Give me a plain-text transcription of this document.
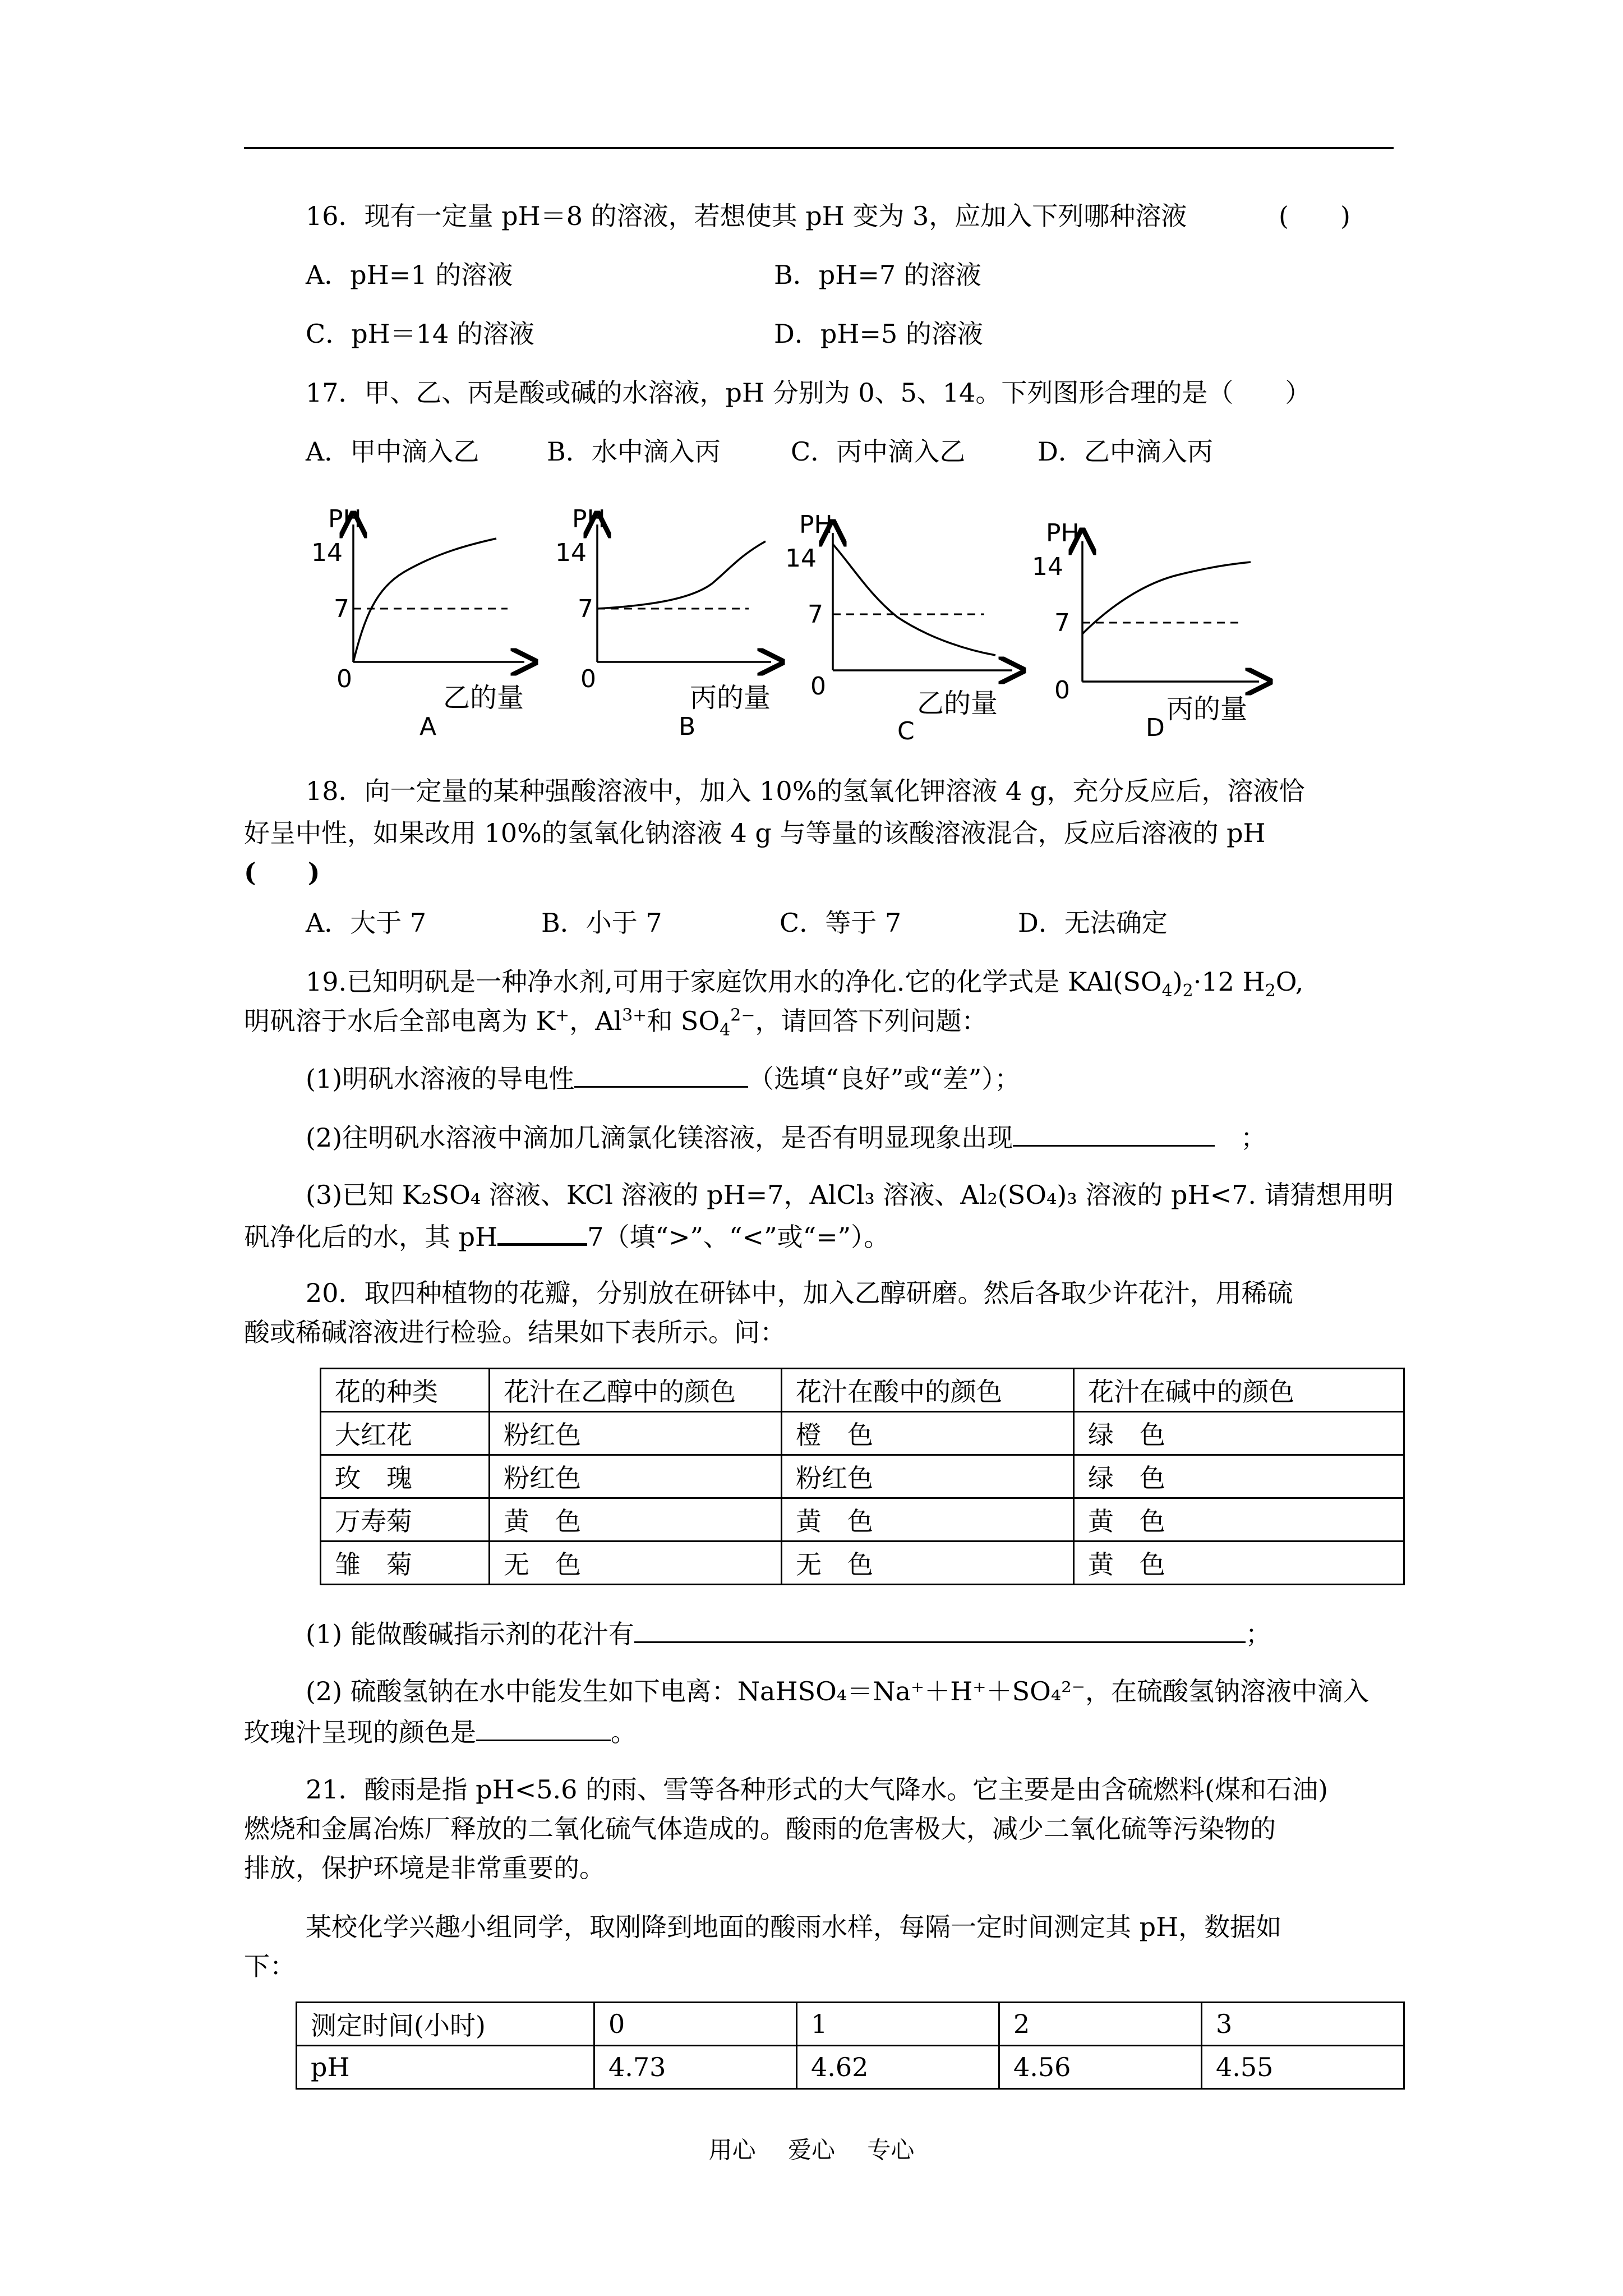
16．现有一定量 pH＝8 的溶液，若想使其 pH 变为 3，应加入下列哪种溶液	(　　)
A．pH=1 的溶液	B．pH=7 的溶液
C．pH＝14 的溶液	D．pH=5 的溶液
17．甲、乙、丙是酸或碱的水溶液，pH 分别为 0、5、14。下列图形合理的是（　　）
A．甲中滴入乙	B．水中滴入丙	C．丙中滴入乙	D．乙中滴入丙
PH
14
7
0
乙的量
A
PH
14
7
0
丙的量
B
PH
14
7
0
乙的量
C
PH
14
7
0
丙的量
D
18．向一定量的某种强酸溶液中，加入 10%的氢氧化钾溶液 4 g，充分反应后，溶液恰
好呈中性，如果改用 10%的氢氧化钠溶液 4 g 与等量的该酸溶液混合，反应后溶液的 pH
(　　)
A．大于 7	B．小于 7	C．等于 7	D．无法确定
19.已知明矾是一种净水剂,可用于家庭饮用水的净化.它的化学式是 $KAl(SO_4)_2\cdot 12$ $H_2O$,
明矾溶于水后全部电离为 K+，$Al^{3+}$和 $SO_4^{2-}$，请回答下列问题：
(1)明矾水溶液的导电性	（选填“良好”或“差”）；
(2)往明矾水溶液中滴加几滴氯化镁溶液，是否有明显现象出现　	；
(3)已知 K₂SO₄ 溶液、KCl 溶液的 pH=7，AlCl₃ 溶液、Al₂(SO₄)₃ 溶液的 pH<7. 请猜想用明
矾净化后的水，其 pH	7（填“>”、“<”或“=”）。
20．取四种植物的花瓣，分别放在研钵中，加入乙醇研磨。然后各取少许花汁，用稀硫
酸或稀碱溶液进行检验。结果如下表所示。问：
花的种类	花汁在乙醇中的颜色	花汁在酸中的颜色	花汁在碱中的颜色
大红花	粉红色	橙　色	绿　色
玫　瑰	粉红色	粉红色	绿　色
万寿菊	黄　色	黄　色	黄　色
雏　菊	无　色	无　色	黄　色
(1) 能做酸碱指示剂的花汁有	；
(2) 硫酸氢钠在水中能发生如下电离：NaHSO₄＝Na⁺＋H⁺＋SO₄²⁻，在硫酸氢钠溶液中滴入
玫瑰汁呈现的颜色是	。
21．酸雨是指 pH<5.6 的雨、雪等各种形式的大气降水。它主要是由含硫燃料(煤和石油)
燃烧和金属冶炼厂释放的二氧化硫气体造成的。酸雨的危害极大，减少二氧化硫等污染物的
排放，保护环境是非常重要的。
某校化学兴趣小组同学，取刚降到地面的酸雨水样，每隔一定时间测定其 pH，数据如
下：
测定时间(小时)	0	1	2	3
pH	4.73	4.62	4.56	4.55
用心 爱心 专心
